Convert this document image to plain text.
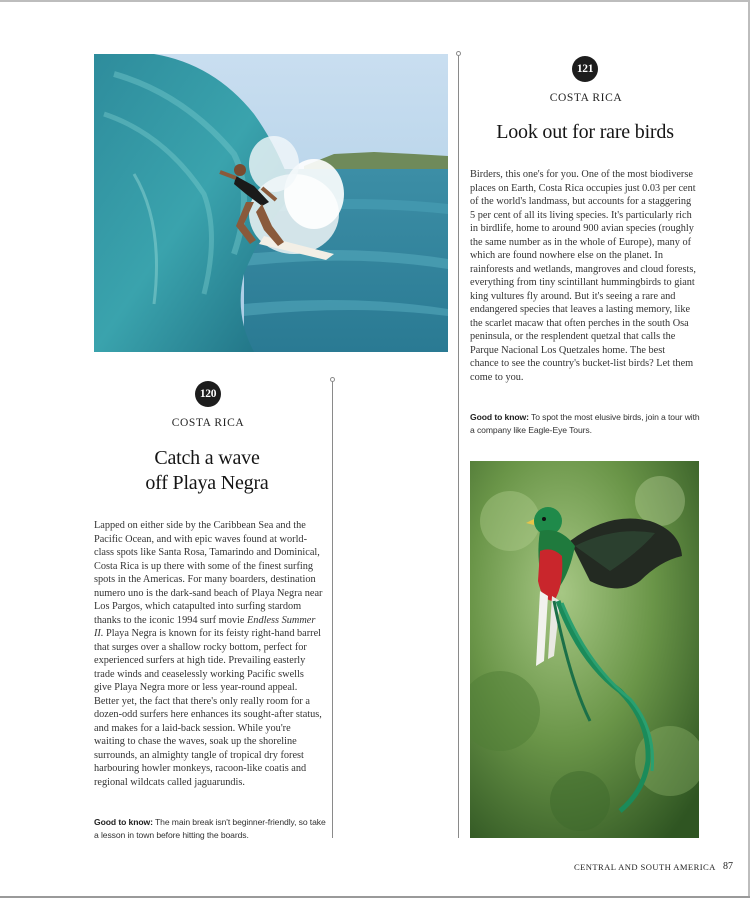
120
COSTA RICA
Catch a wave
off Playa Negra
Lapped on either side by the Caribbean Sea and the Pacific Ocean, and with epic waves found at world-class spots like Santa Rosa, Tamarindo and Dominical, Costa Rica is up there with some of the finest surfing spots in the Americas. For many boarders, destination numero uno is the dark-sand beach of Playa Negra near Los Pargos, which catapulted into surfing stardom thanks to the iconic 1994 surf movie Endless Summer II. Playa Negra is known for its feisty right-hand barrel that surges over a shallow rocky bottom, perfect for experienced surfers at high tide. Prevailing easterly trade winds and ceaselessly working Pacific swells give Playa Negra more or less year-round appeal. Better yet, the fact that there's only really room for a dozen-odd surfers here enhances its sought-after status, and makes for a laid-back session. While you're waiting to chase the waves, soak up the shoreline surrounds, an almighty tangle of tropical dry forest harbouring howler monkeys, racoon-like coatis and regional wildcats called jaguarundis.
Good to know: The main break isn't beginner-friendly, so take a lesson in town before hitting the boards.
121
COSTA RICA
Look out for rare birds
Birders, this one's for you. One of the most biodiverse places on Earth, Costa Rica occupies just 0.03 per cent of the world's landmass, but accounts for a staggering 5 per cent of all its living species. It's particularly rich in birdlife, home to around 900 avian species (roughly the same number as in the whole of Europe), many of which are found nowhere else on the planet. In rainforests and wetlands, mangroves and cloud forests, everything from tiny scintillant hummingbirds to giant king vultures fly around. But it's seeing a rare and endangered species that leaves a lasting memory, like the scarlet macaw that often perches in the south Osa peninsula, or the resplendent quetzal that calls the Parque Nacional Los Quetzales home. The best chance to see the country's bucket-list birds? Let them come to you.
Good to know: To spot the most elusive birds, join a tour with a company like Eagle-Eye Tours.
CENTRAL AND SOUTH AMERICA 87
